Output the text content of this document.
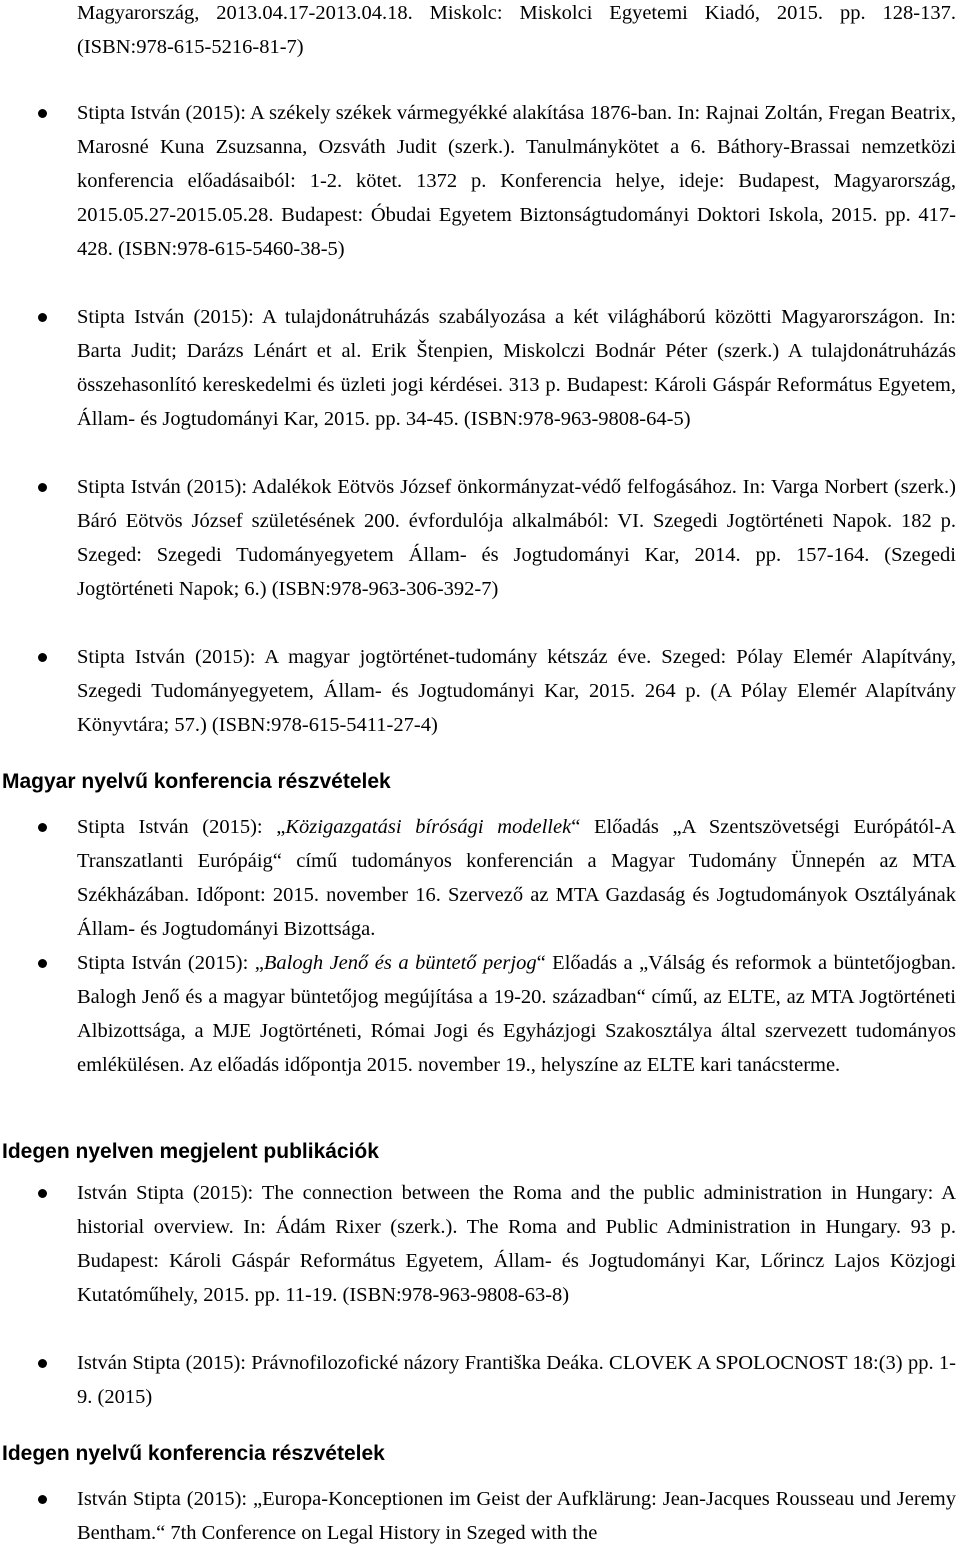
Magyarország, 2013.04.17-2013.04.18. Miskolc: Miskolci Egyetemi Kiadó, 2015. pp. 128-137. (ISBN:978-615-5216-81-7)

Stipta István (2015): A székely székek vármegyékké alakítása 1876-ban. In: Rajnai Zoltán, Fregan Beatrix, Marosné Kuna Zsuzsanna, Ozsváth Judit (szerk.). Tanulmánykötet a 6. Báthory-Brassai nemzetközi konferencia előadásaiból: 1-2. kötet. 1372 p. Konferencia helye, ideje: Budapest, Magyarország, 2015.05.27-2015.05.28. Budapest: Óbudai Egyetem Biztonságtudományi Doktori Iskola, 2015. pp. 417-428. (ISBN:978-615-5460-38-5)

Stipta István (2015): A tulajdonátruházás szabályozása a két világháború közötti Magyarországon. In: Barta Judit; Darázs Lénárt et al. Erik Štenpien, Miskolczi Bodnár Péter (szerk.) A tulajdonátruházás összehasonlító kereskedelmi és üzleti jogi kérdései. 313 p. Budapest: Károli Gáspár Református Egyetem, Állam- és Jogtudományi Kar, 2015. pp. 34-45. (ISBN:978-963-9808-64-5)

Stipta István (2015): Adalékok Eötvös József önkormányzat-védő felfogásához. In: Varga Norbert (szerk.) Báró Eötvös József születésének 200. évfordulója alkalmából: VI. Szegedi Jogtörténeti Napok. 182 p. Szeged: Szegedi Tudományegyetem Állam- és Jogtudományi Kar, 2014. pp. 157-164. (Szegedi Jogtörténeti Napok; 6.) (ISBN:978-963-306-392-7)

Stipta István (2015): A magyar jogtörténet-tudomány kétszáz éve. Szeged: Pólay Elemér Alapítvány, Szegedi Tudományegyetem, Állam- és Jogtudományi Kar, 2015. 264 p. (A Pólay Elemér Alapítvány Könyvtára; 57.) (ISBN:978-615-5411-27-4)

Magyar nyelvű konferencia részvételek

Stipta István (2015): „Közigazgatási bírósági modellek“ Előadás „A Szentszövetségi Európától-A Transzatlanti Európáig“ című tudományos konferencián a Magyar Tudomány Ünnepén az MTA Székházában. Időpont: 2015. november 16. Szervező az MTA Gazdaság és Jogtudományok Osztályának Állam- és Jogtudományi Bizottsága.

Stipta István (2015): „Balogh Jenő és a büntető perjog“ Előadás a „Válság és reformok a büntetőjogban. Balogh Jenő és a magyar büntetőjog megújítása a 19-20. században“ című, az ELTE, az MTA Jogtörténeti Albizottsága, a MJE Jogtörténeti, Római Jogi és Egyházjogi Szakosztálya által szervezett tudományos emlékülésen. Az előadás időpontja 2015. november 19., helyszíne az ELTE kari tanácsterme.

Idegen nyelven megjelent publikációk

István Stipta (2015): The connection between the Roma and the public administration in Hungary: A historial overview. In: Ádám Rixer (szerk.). The Roma and Public Administration in Hungary. 93 p. Budapest: Károli Gáspár Református Egyetem, Állam- és Jogtudományi Kar, Lőrincz Lajos Közjogi Kutatóműhely, 2015. pp. 11-19. (ISBN:978-963-9808-63-8)

István Stipta (2015): Právnofilozofické názory Františka Deáka. CLOVEK A SPOLOCNOST 18:(3) pp. 1-9. (2015)

Idegen nyelvű konferencia részvételek

István Stipta (2015): „Europa-Konceptionen im Geist der Aufklärung: Jean-Jacques Rousseau und Jeremy Bentham.“ 7th Conference on Legal History in Szeged with the
